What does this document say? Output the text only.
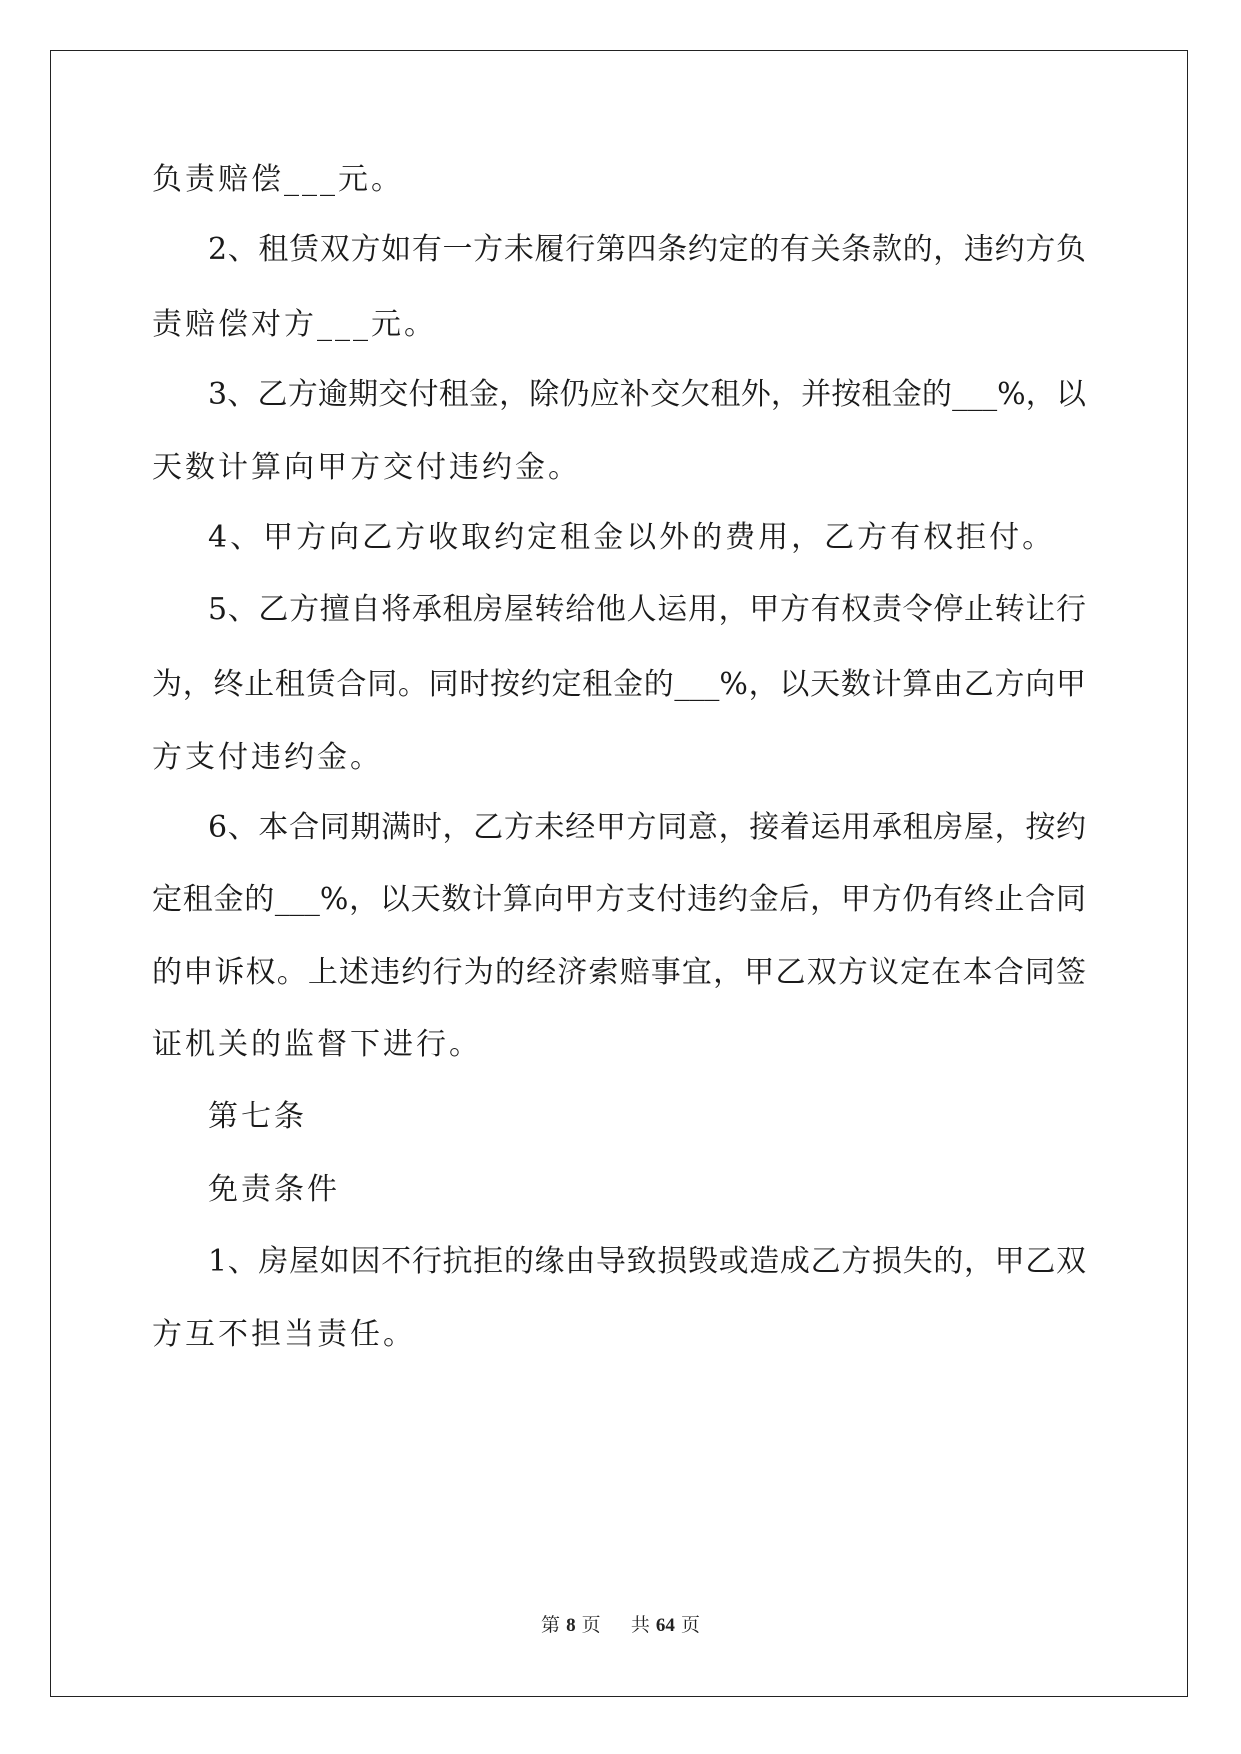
负责赔偿___元。
2、租赁双方如有一方未履行第四条约定的有关条款的，违约方负
责赔偿对方___元。
3、乙方逾期交付租金，除仍应补交欠租外，并按租金的___%，以
天数计算向甲方交付违约金。
4、甲方向乙方收取约定租金以外的费用，乙方有权拒付。
5、乙方擅自将承租房屋转给他人运用，甲方有权责令停止转让行
为，终止租赁合同。同时按约定租金的___%，以天数计算由乙方向甲
方支付违约金。
6、本合同期满时，乙方未经甲方同意，接着运用承租房屋，按约
定租金的___%，以天数计算向甲方支付违约金后，甲方仍有终止合同
的申诉权。上述违约行为的经济索赔事宜，甲乙双方议定在本合同签
证机关的监督下进行。
第七条
免责条件
1、房屋如因不行抗拒的缘由导致损毁或造成乙方损失的，甲乙双
方互不担当责任。
第 8 页 共 64 页
